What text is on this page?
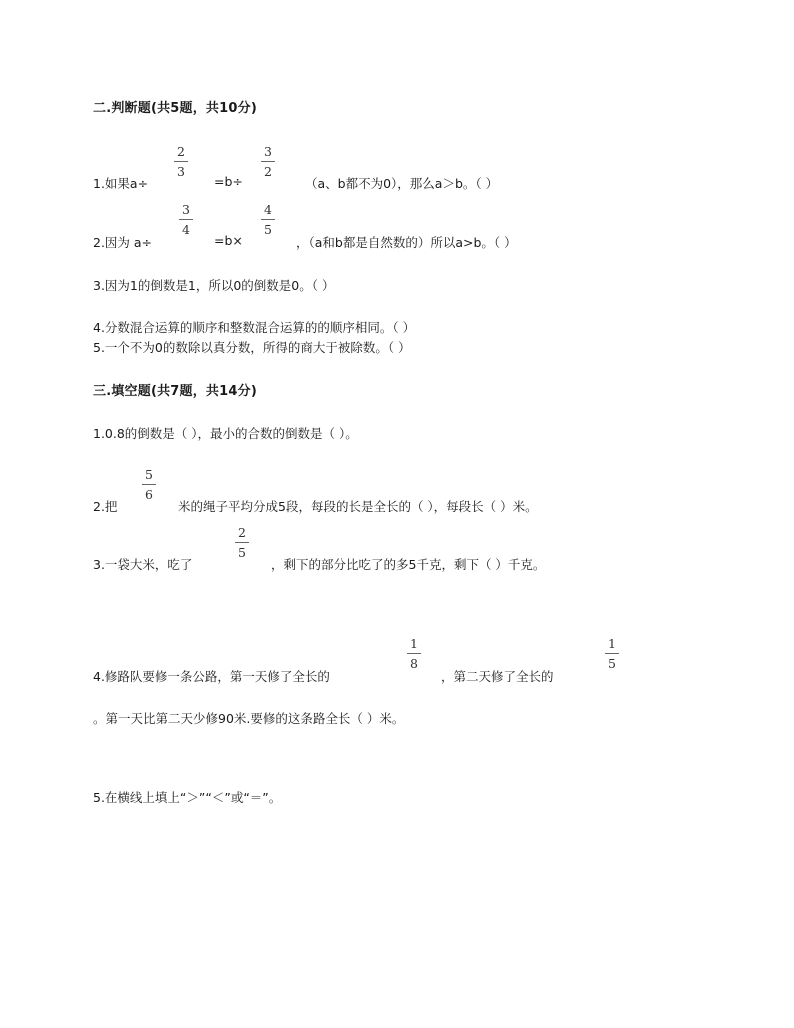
二.判断题(共5题，共10分)
1.如果a÷
2
3
=b÷
3
2
（a、b都不为0），那么a＞b。（ ）
2.因为 a÷
3
4
=b×
4
5
，（a和b都是自然数的）所以a>b。（ ）
3.因为1的倒数是1，所以0的倒数是0。（ ）
4.分数混合运算的顺序和整数混合运算的的顺序相同。（ ）
5.一个不为0的数除以真分数，所得的商大于被除数。（ ）
三.填空题(共7题，共14分)
1.0.8的倒数是（ ），最小的合数的倒数是（ ）。
2.把
5
6
米的绳子平均分成5段，每段的长是全长的（ ），每段长（ ）米。
3.一袋大米，吃了
2
5
，剩下的部分比吃了的多5千克，剩下（ ）千克。
4.修路队要修一条公路，第一天修了全长的
1
8
，第二天修了全长的
1
5
。第一天比第二天少修90米.要修的这条路全长（ ）米。
5.在横线上填上“＞”“＜”或“＝”。
